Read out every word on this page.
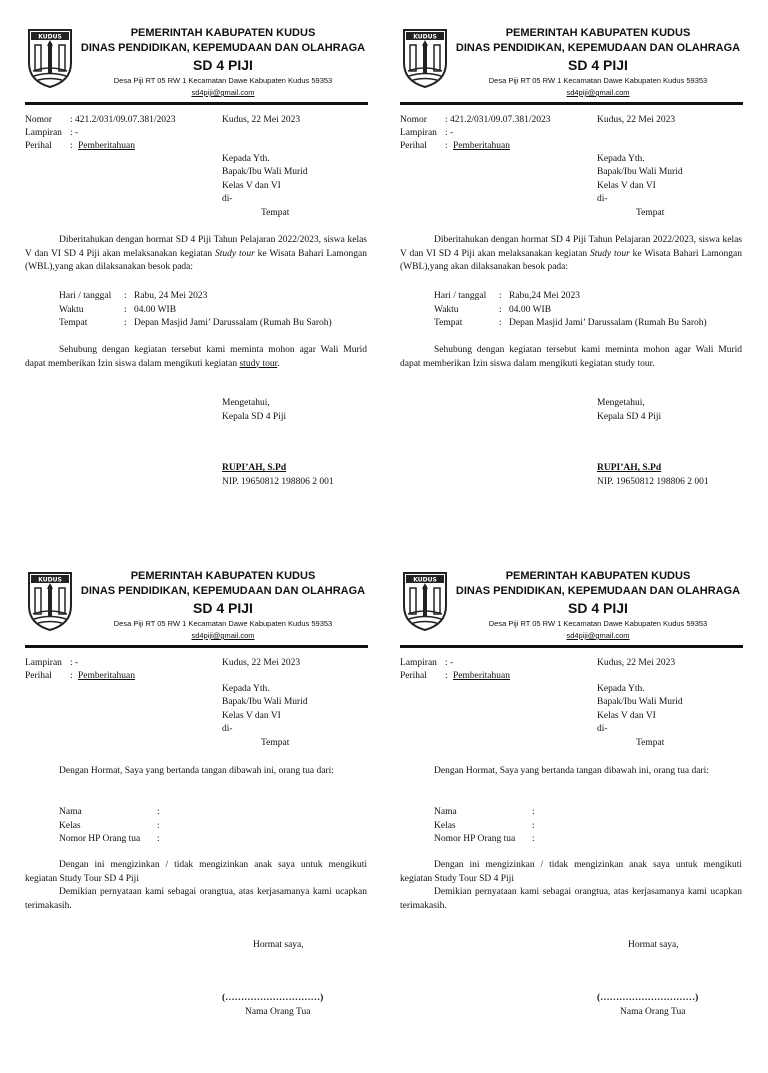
KUDUS	PEMERINTAH KABUPATEN KUDUS
DINAS PENDIDIKAN, KEPEMUDAAN DAN OLAHRAGA
SD 4 PIJI
Desa Piji RT 05 RW 1 Kecamatan Dawe Kabupaten Kudus 59353
sd4piji@gmail.com
Nomor : 421.2/031/09.07.381/2023
Lampiran : -
Perihal : Pemberitahuan
Kudus, 22 Mei 2023
Kepada Yth.
Bapak/Ibu Wali Murid
Kelas V dan VI
di-
Tempat
Diberitahukan dengan hormat SD 4 Piji Tahun Pelajaran 2022/2023, siswa kelas V dan VI SD 4 Piji akan melaksanakan kegiatan Study tour ke Wisata Bahari Lamongan (WBL),yang akan dilaksanakan besok pada:
Hari / tanggal	:	Rabu, 24 Mei 2023
Waktu	:	04.00 WIB
Tempat	:	Depan Masjid Jami’ Darussalam (Rumah Bu Saroh)
Sehubung dengan kegiatan tersebut kami meminta mohon agar Wali Murid dapat memberikan Izin siswa dalam mengikuti kegiatan study tour.
Mengetahui,
Kepala SD 4 Piji
RUPI’AH, S.Pd
NIP. 19650812 198806 2 001
KUDUS	PEMERINTAH KABUPATEN KUDUS
DINAS PENDIDIKAN, KEPEMUDAAN DAN OLAHRAGA
SD 4 PIJI
Desa Piji RT 05 RW 1 Kecamatan Dawe Kabupaten Kudus 59353
sd4piji@gmail.com
Nomor : 421.2/031/09.07.381/2023
Lampiran : -
Perihal : Pemberitahuan
Kudus, 22 Mei 2023
Kepada Yth.
Bapak/Ibu Wali Murid
Kelas V dan VI
di-
Tempat
Diberitahukan dengan hormat SD 4 Piji Tahun Pelajaran 2022/2023, siswa kelas V dan VI SD 4 Piji akan melaksanakan kegiatan Study tour ke Wisata Bahari Lamongan (WBL),yang akan dilaksanakan besok pada:
Hari / tanggal	:	Rabu,24 Mei 2023
Waktu	:	04.00 WIB
Tempat	:	Depan Masjid Jami’ Darussalam (Rumah Bu Saroh)
Sehubung dengan kegiatan tersebut kami meminta mohon agar Wali Murid dapat memberikan Izin siswa dalam mengikuti kegiatan study tour.
Mengetahui,
Kepala SD 4 Piji
RUPI’AH, S.Pd
NIP. 19650812 198806 2 001
KUDUS	PEMERINTAH KABUPATEN KUDUS
DINAS PENDIDIKAN, KEPEMUDAAN DAN OLAHRAGA
SD 4 PIJI
Desa Piji RT 05 RW 1 Kecamatan Dawe Kabupaten Kudus 59353
sd4piji@gmail.com
Lampiran : -
Perihal : Pemberitahuan
Kudus, 22 Mei 2023
Kepada Yth.
Bapak/Ibu Wali Murid
Kelas V dan VI
di-
Tempat
Dengan Hormat, Saya yang bertanda tangan dibawah ini, orang tua dari:
Nama	:
Kelas	:
Nomor HP Orang tua	:
Dengan ini mengizinkan / tidak mengizinkan anak saya untuk mengikuti kegiatan Study Tour SD 4 Piji
Demikian pernyataan kami sebagai orangtua, atas kerjasamanya kami ucapkan terimakasih.
Hormat saya,
(…………………………)
Nama Orang Tua
KUDUS	PEMERINTAH KABUPATEN KUDUS
DINAS PENDIDIKAN, KEPEMUDAAN DAN OLAHRAGA
SD 4 PIJI
Desa Piji RT 05 RW 1 Kecamatan Dawe Kabupaten Kudus 59353
sd4piji@gmail.com
Lampiran : -
Perihal : Pemberitahuan
Kudus, 22 Mei 2023
Kepada Yth.
Bapak/Ibu Wali Murid
Kelas V dan VI
di-
Tempat
Dengan Hormat, Saya yang bertanda tangan dibawah ini, orang tua dari:
Nama	:
Kelas	:
Nomor HP Orang tua	:
Dengan ini mengizinkan / tidak mengizinkan anak saya untuk mengikuti kegiatan Study Tour SD 4 Piji
Demikian pernyataan kami sebagai orangtua, atas kerjasamanya kami ucapkan terimakasih.
Hormat saya,
(…………………………)
Nama Orang Tua
